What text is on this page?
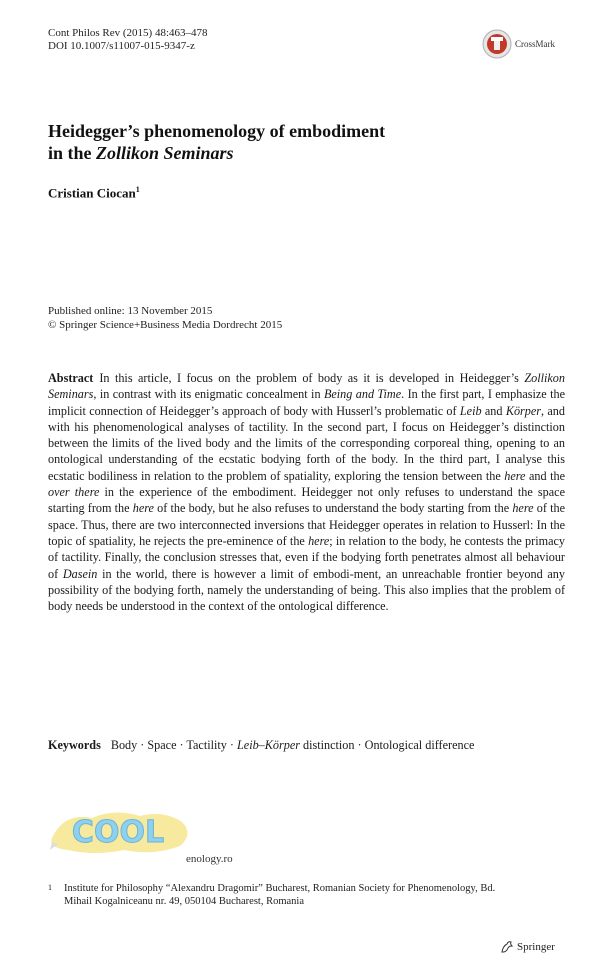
Cont Philos Rev (2015) 48:463–478
DOI 10.1007/s11007-015-9347-z	CrossMark
Heidegger’s phenomenology of embodiment
in the Zollikon Seminars
Cristian Ciocan$^1$
Published online: 13 November 2015
© Springer Science+Business Media Dordrecht 2015
Abstract In this article, I focus on the problem of body as it is developed in Heidegger’s Zollikon Seminars, in contrast with its enigmatic concealment in Being and Time. In the first part, I emphasize the implicit connection of Heidegger’s approach of body with Husserl’s problematic of Leib and Körper, and with his phenomenological analyses of tactility. In the second part, I focus on Heidegger’s distinction between the limits of the lived body and the limits of the corresponding corporeal thing, opening to an ontological understanding of the ecstatic bodying forth of the body. In the third part, I analyse this ecstatic bodiliness in relation to the problem of spatiality, exploring the tension between the here and the over there in the experience of the embodiment. Heidegger not only refuses to understand the space starting from the here of the body, but he also refuses to understand the body starting from the here of the space. Thus, there are two interconnected inversions that Heidegger operates in relation to Husserl: In the topic of spatiality, he rejects the pre-eminence of the here; in relation to the body, he contests the primacy of tactility. Finally, the conclusion stresses that, even if the bodying forth penetrates almost all behaviour of Dasein in the world, there is however a limit of embodi-ment, an unreachable frontier beyond any possibility of the bodying forth, namely the understanding of being. This also implies that the problem of body needs be understood in the context of the ontological difference.
Keywords Body · Space · Tactility · Leib–Körper distinction · Ontological difference
COOL
enology.ro
1 Institute for Philosophy “Alexandru Dragomir” Bucharest, Romanian Society for Phenomenology, Bd. Mihail Kogalniceanu nr. 49, 050104 Bucharest, Romania
Springer
